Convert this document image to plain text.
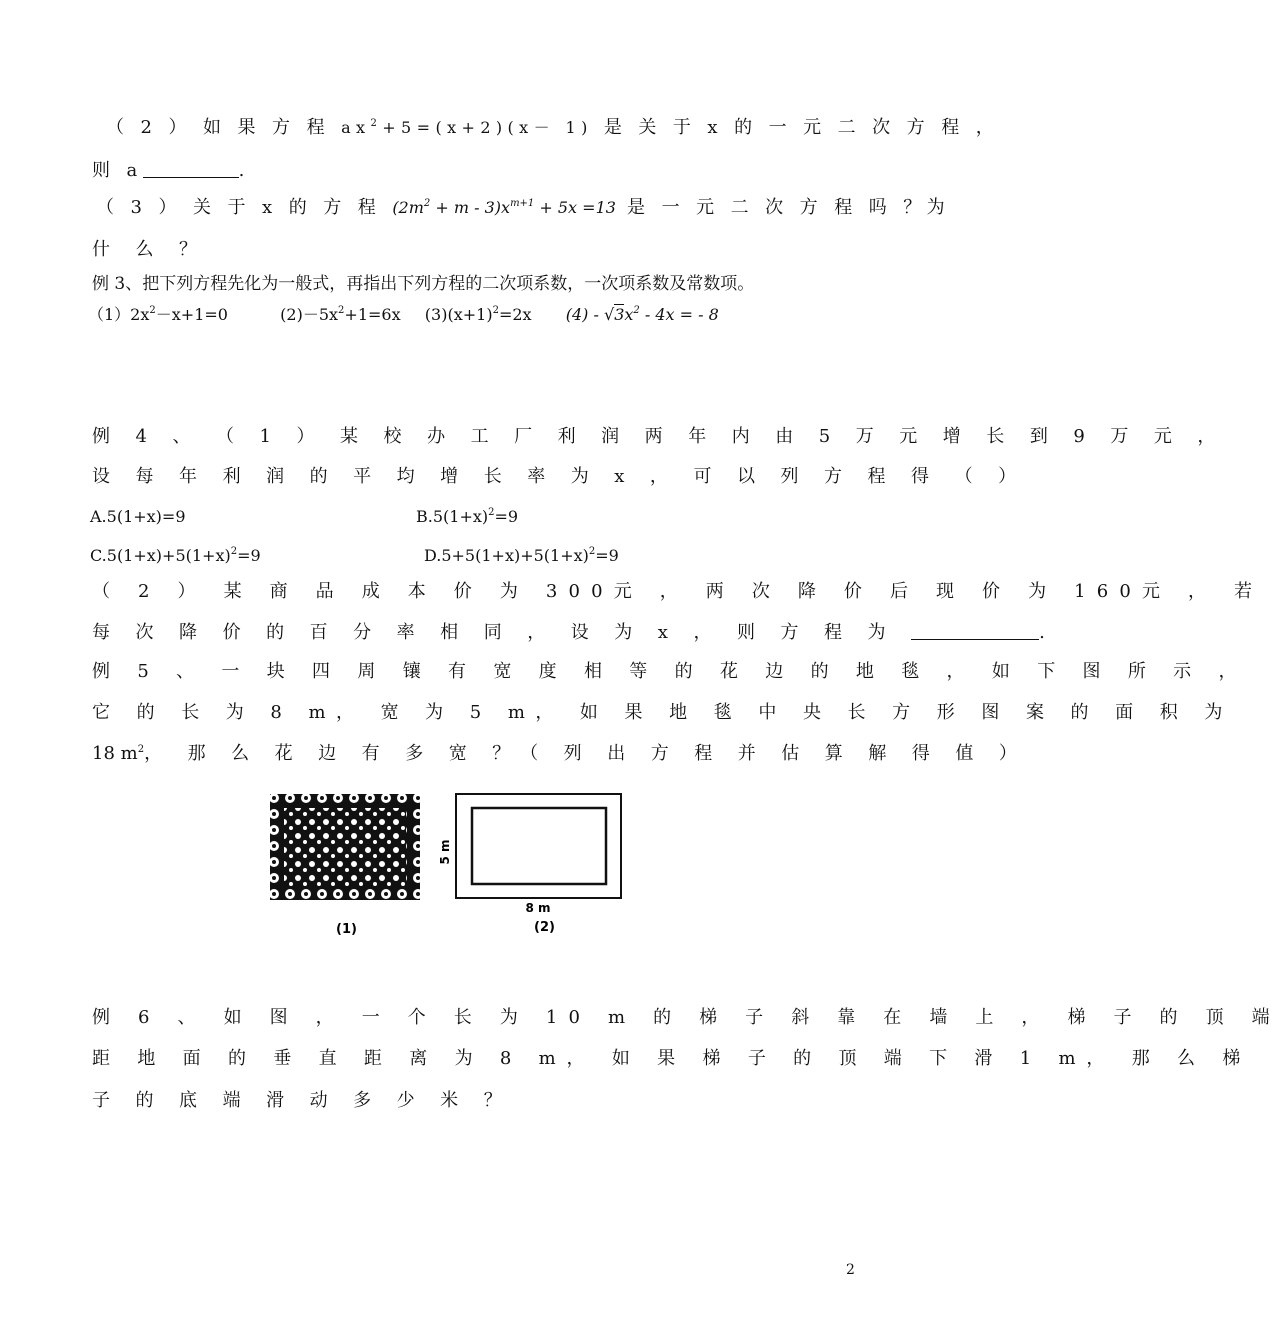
（ 2 ） 如 果 方 程 $ax^2+5=(x+2)(x- 1)$ 是 关 于 x 的 一 元 二 次 方 程 ，
则 a	.
（ 3 ） 关 于 x 的 方 程 $(2m^2 + m - 3)x^{m+1} + 5x =13$ 是 一 元 二 次 方 程 吗 ？为
什 么 ？
例 3、把下列方程先化为一般式，再指出下列方程的二次项系数，一次项系数及常数项。
$(1)2x^2-x+1=0$	$(2)-5x^2+1=6x$ $(3)(x+1)^2=2x$ $(4) - √3x^2 - 4x$ = - 8
例 4 、 （ 1 ） 某 校 办 工 厂 利 润 两 年 内 由 5 万 元 增 长 到 9 万 元 ，
设 每 年 利 润 的 平 均 增 长 率 为 x ， 可 以 列 方 程 得 （ ）
A.5(1+x)=9	$B.5(1+x)^2=9$
$C.5(1+x)+5(1+x)^2=9$	$D.5+5(1+x)+5(1+x)^2=9$
（ 2 ） 某 商 品 成 本 价 为 300元 ， 两 次 降 价 后 现 价 为 160元 ， 若
每 次 降 价 的 百 分 率 相 同 ， 设 为 x ， 则 方 程 为	.
例 5 、 一 块 四 周 镶 有 宽 度 相 等 的 花 边 的 地 毯 ， 如 下 图 所 示 ，
它 的 长 为 8 m， 宽 为 5 m， 如 果 地 毯 中 央 长 方 形 图 案 的 面 积 为
18 $m^2$， 那 么 花 边 有 多 宽 ？（ 列 出 方 程 并 估 算 解 得 值 ）
(1)
5 m
8 m
(2)
例 6 、 如 图 ， 一 个 长 为 10 m 的 梯 子 斜 靠 在 墙 上 ， 梯 子 的 顶 端
距 地 面 的 垂 直 距 离 为 8 m， 如 果 梯 子 的 顶 端 下 滑 1 m， 那 么 梯
子 的 底 端 滑 动 多 少 米 ？
2
